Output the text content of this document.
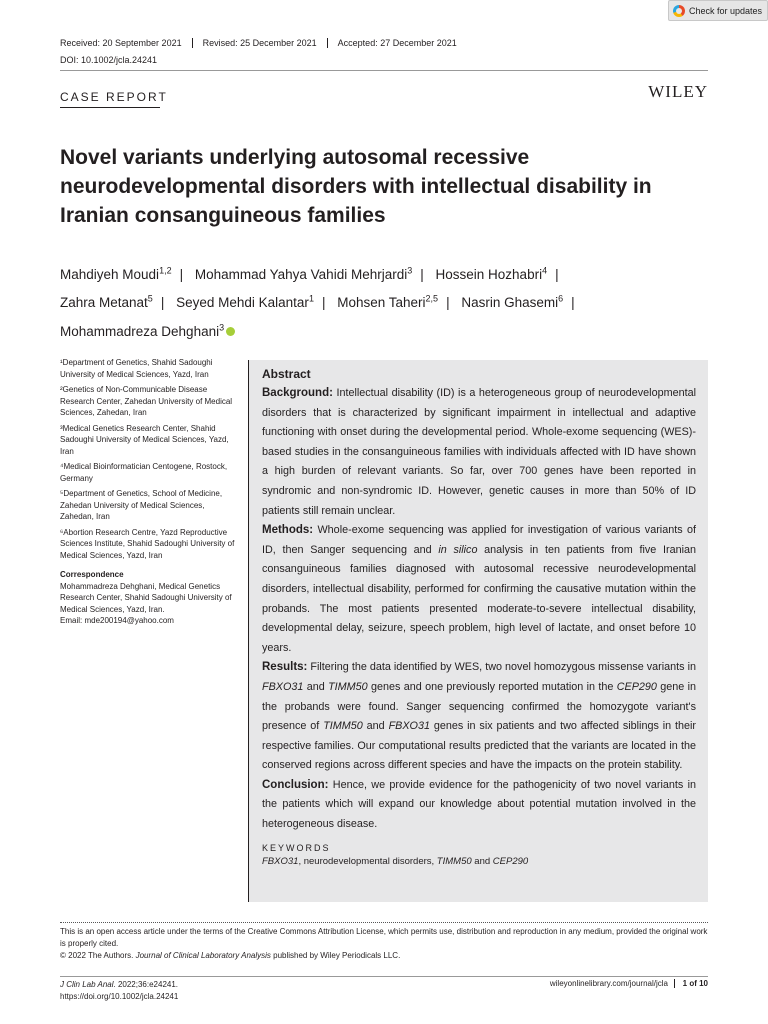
Check for updates
Received: 20 September 2021	Revised: 25 December 2021	Accepted: 27 December 2021
DOI: 10.1002/jcla.24241
CASE REPORT	WILEY
Novel variants underlying autosomal recessive neurodevelopmental disorders with intellectual disability in Iranian consanguineous families
Mahdiyeh Moudi$^{1,2}$ | Mohammad Yahya Vahidi Mehrjardi$^3$ | Hossein Hozhabri$^4$ |
Zahra Metanat$^5$ | Seyed Mehdi Kalantar$^1$ | Mohsen Taheri$^{2,5}$ | Nasrin Ghasemi$^6$ |
Mohammadreza Dehghani$^3$

¹Department of Genetics, Shahid Sadoughi University of Medical Sciences, Yazd, Iran

²Genetics of Non-Communicable Disease Research Center, Zahedan University of Medical Sciences, Zahedan, Iran

³Medical Genetics Research Center, Shahid Sadoughi University of Medical Sciences, Yazd, Iran

⁴Medical Bioinformatician Centogene, Rostock, Germany

⁵Department of Genetics, School of Medicine, Zahedan University of Medical Sciences, Zahedan, Iran

⁶Abortion Research Centre, Yazd Reproductive Sciences Institute, Shahid Sadoughi University of Medical Sciences, Yazd, Iran

Correspondence

Mohammadreza Dehghani, Medical Genetics Research Center, Shahid Sadoughi University of Medical Sciences, Yazd, Iran.

Email: mde200194@yahoo.com

Abstract

Background: Intellectual disability (ID) is a heterogeneous group of neurodevelopmental disorders that is characterized by significant impairment in intellectual and adaptive functioning with onset during the developmental period. Whole-exome sequencing (WES)-based studies in the consanguineous families with individuals affected with ID have shown a high burden of relevant variants. So far, over 700 genes have been reported in syndromic and non-syndromic ID. However, genetic causes in more than 50% of ID patients still remain unclear.

Methods: Whole-exome sequencing was applied for investigation of various variants of ID, then Sanger sequencing and in silico analysis in ten patients from five Iranian consanguineous families diagnosed with autosomal recessive neurodevelopmental disorders, intellectual disability, performed for confirming the causative mutation within the probands. The most patients presented moderate-to-severe intellectual disability, developmental delay, seizure, speech problem, high level of lactate, and onset before 10 years.

Results: Filtering the data identified by WES, two novel homozygous missense variants in FBXO31 and TIMM50 genes and one previously reported mutation in the CEP290 gene in the probands were found. Sanger sequencing confirmed the homozygote variant's presence of TIMM50 and FBXO31 genes in six patients and two affected siblings in their respective families. Our computational results predicted that the variants are located in the conserved regions across different species and have the impacts on the protein stability.

Conclusion: Hence, we provide evidence for the pathogenicity of two novel variants in the patients which will expand our knowledge about potential mutation involved in the heterogeneous disease.

KEYWORDS

FBXO31, neurodevelopmental disorders, TIMM50 and CEP290

This is an open access article under the terms of the Creative Commons Attribution License, which permits use, distribution and reproduction in any medium, provided the original work is properly cited.

© 2022 The Authors. Journal of Clinical Laboratory Analysis published by Wiley Periodicals LLC.

J Clin Lab Anal. 2022;36:e24241.

https://doi.org/10.1002/jcla.24241

wileyonlinelibrary.com/journal/jcla	1 of 10
